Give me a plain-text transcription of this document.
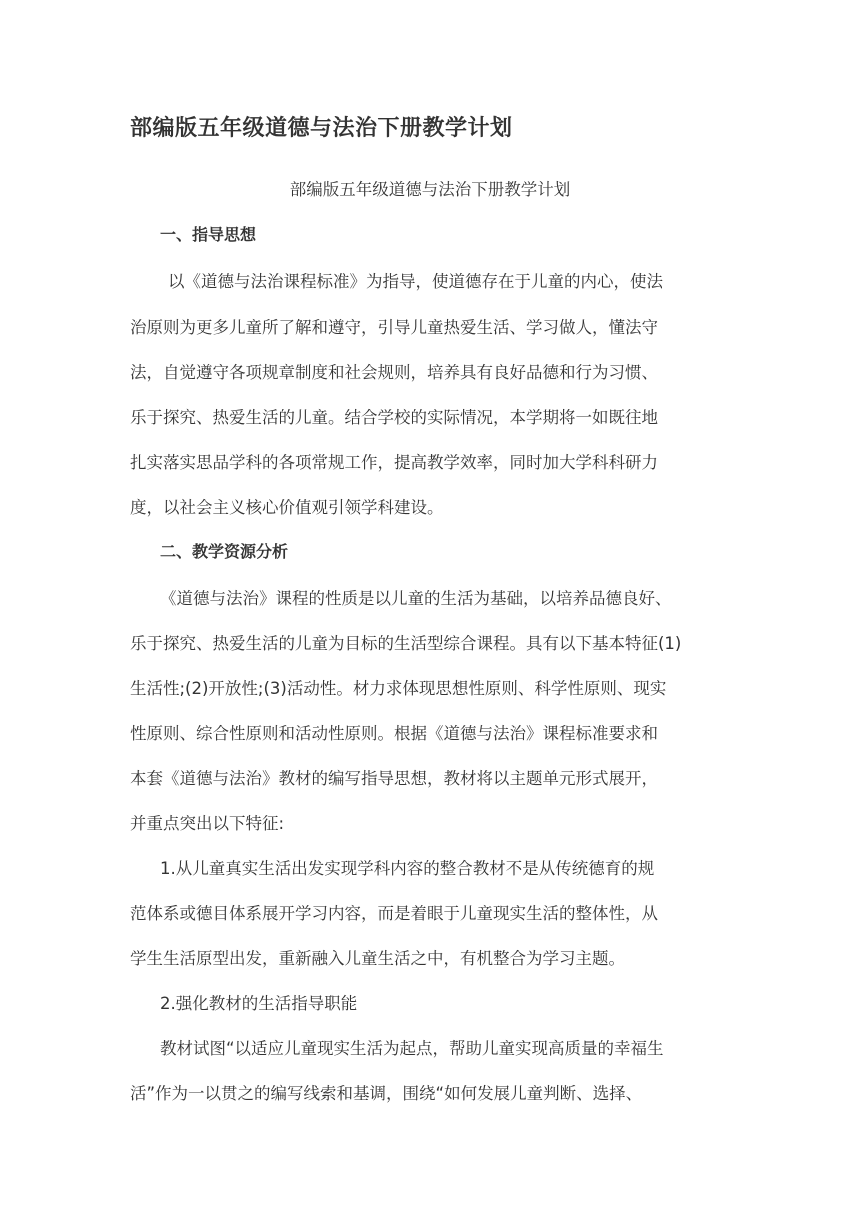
部编版五年级道德与法治下册教学计划
部编版五年级道德与法治下册教学计划
一、指导思想
以《道德与法治课程标准》为指导，使道德存在于儿童的内心，使法
治原则为更多儿童所了解和遵守，引导儿童热爱生活、学习做人，懂法守
法，自觉遵守各项规章制度和社会规则，培养具有良好品德和行为习惯、
乐于探究、热爱生活的儿童。结合学校的实际情况，本学期将一如既往地
扎实落实思品学科的各项常规工作，提高教学效率，同时加大学科科研力
度，以社会主义核心价值观引领学科建设。
二、教学资源分析
《道德与法治》课程的性质是以儿童的生活为基础，以培养品德良好、
乐于探究、热爱生活的儿童为目标的生活型综合课程。具有以下基本特征(1)
生活性;(2)开放性;(3)活动性。材力求体现思想性原则、科学性原则、现实
性原则、综合性原则和活动性原则。根据《道德与法治》课程标准要求和
本套《道德与法治》教材的编写指导思想，教材将以主题单元形式展开，
并重点突出以下特征:
1.从儿童真实生活出发实现学科内容的整合教材不是从传统德育的规
范体系或德目体系展开学习内容，而是着眼于儿童现实生活的整体性，从
学生生活原型出发，重新融入儿童生活之中，有机整合为学习主题。
2.强化教材的生活指导职能
教材试图“以适应儿童现实生活为起点，帮助儿童实现高质量的幸福生
活”作为一以贯之的编写线索和基调，围绕“如何发展儿童判断、选择、
